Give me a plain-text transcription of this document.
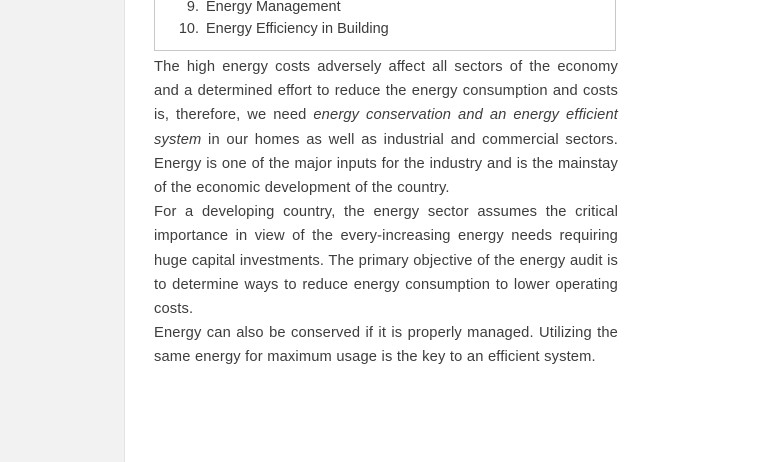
9. Energy Management
10. Energy Efficiency in Building

The high energy costs adversely affect all sectors of the economy and a determined effort to reduce the energy consumption and costs is, therefore, we need energy conservation and an energy efficient system in our homes as well as industrial and commercial sectors. Energy is one of the major inputs for the industry and is the mainstay of the economic development of the country.

For a developing country, the energy sector assumes the critical importance in view of the every-increasing energy needs requiring huge capital investments. The primary objective of the energy audit is to determine ways to reduce energy consumption to lower operating costs.

Energy can also be conserved if it is properly managed. Utilizing the same energy for maximum usage is the key to an efficient system.
